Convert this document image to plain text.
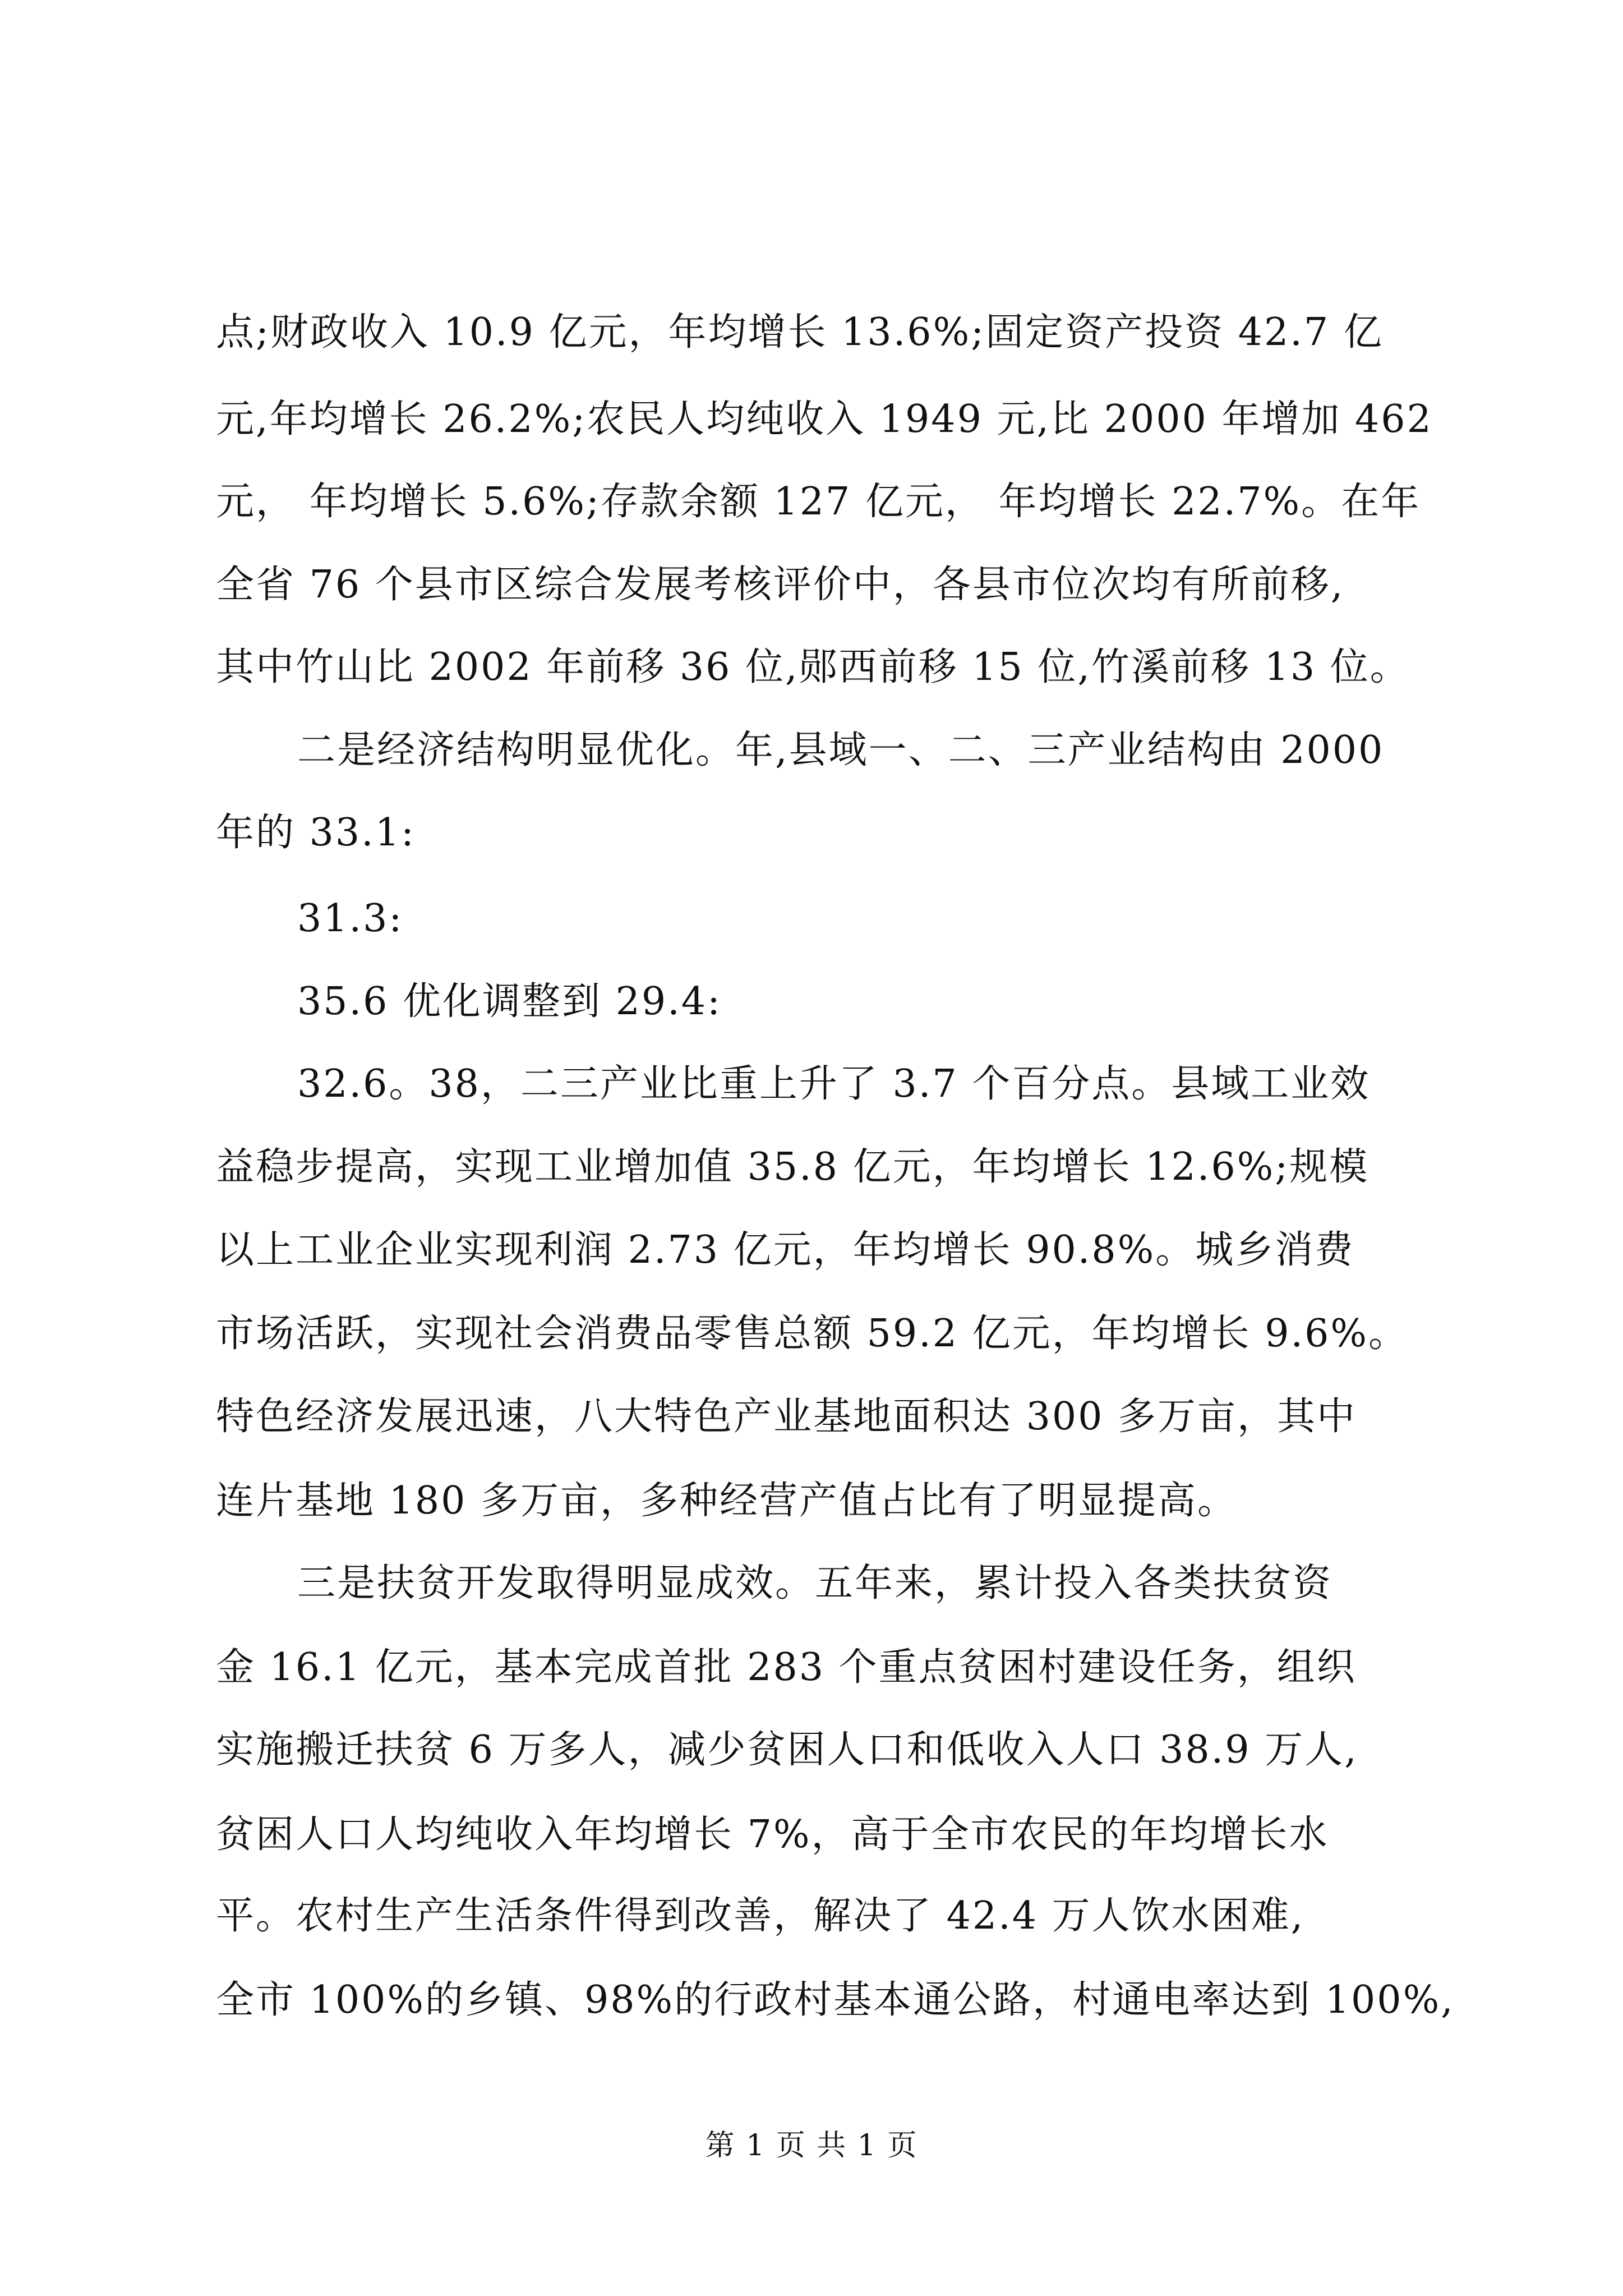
点;财政收入 10.9 亿元，年均增长 13.6%;固定资产投资 42.7 亿
元,年均增长 26.2%;农民人均纯收入 1949 元,比 2000 年增加 462
元， 年均增长 5.6%;存款余额 127 亿元， 年均增长 22.7%。在年
全省 76 个县市区综合发展考核评价中，各县市位次均有所前移,
其中竹山比 2002 年前移 36 位,郧西前移 15 位,竹溪前移 13 位。
二是经济结构明显优化。年,县域一、二、三产业结构由 2000
年的 33.1:
31.3:
35.6 优化调整到 29.4:
32.6。38，二三产业比重上升了 3.7 个百分点。县域工业效
益稳步提高，实现工业增加值 35.8 亿元，年均增长 12.6%;规模
以上工业企业实现利润 2.73 亿元，年均增长 90.8%。城乡消费
市场活跃，实现社会消费品零售总额 59.2 亿元，年均增长 9.6%。
特色经济发展迅速，八大特色产业基地面积达 300 多万亩，其中
连片基地 180 多万亩，多种经营产值占比有了明显提高。
三是扶贫开发取得明显成效。五年来，累计投入各类扶贫资
金 16.1 亿元，基本完成首批 283 个重点贫困村建设任务，组织
实施搬迁扶贫 6 万多人，减少贫困人口和低收入人口 38.9 万人,
贫困人口人均纯收入年均增长 7%，高于全市农民的年均增长水
平。农村生产生活条件得到改善，解决了 42.4 万人饮水困难,
全市 100%的乡镇、98%的行政村基本通公路，村通电率达到 100%,
第 1 页 共 1 页
